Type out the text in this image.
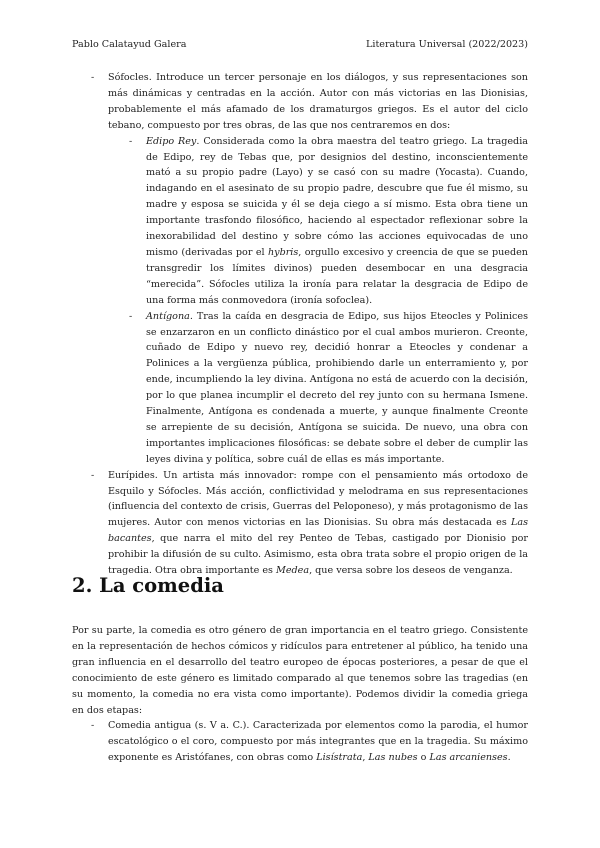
Pablo Calatayud Galera	Literatura Universal (2022/2023)
- Sófocles. Introduce un tercer personaje en los diálogos, y sus representaciones son más dinámicas y centradas en la acción. Autor con más victorias en las Dionisias, probablemente el más afamado de los dramaturgos griegos. Es el autor del ciclo tebano, compuesto por tres obras, de las que nos centraremos en dos:

- Edipo Rey. Considerada como la obra maestra del teatro griego. La tragedia de Edipo, rey de Tebas que, por designios del destino, inconscientemente mató a su propio padre (Layo) y se casó con su madre (Yocasta). Cuando, indagando en el asesinato de su propio padre, descubre que fue él mismo, su madre y esposa se suicida y él se deja ciego a sí mismo. Esta obra tiene un importante trasfondo filosófico, haciendo al espectador reflexionar sobre la inexorabilidad del destino y sobre cómo las acciones equivocadas de uno mismo (derivadas por el hybris, orgullo excesivo y creencia de que se pueden transgredir los límites divinos) pueden desembocar en una desgracia “merecida”. Sófocles utiliza la ironía para relatar la desgracia de Edipo de una forma más conmovedora (ironía sofoclea).

- Antígona. Tras la caída en desgracia de Edipo, sus hijos Eteocles y Polinices se enzarzaron en un conflicto dinástico por el cual ambos murieron. Creonte, cuñado de Edipo y nuevo rey, decidió honrar a Eteocles y condenar a Polinices a la vergüenza pública, prohibiendo darle un enterramiento y, por ende, incumpliendo la ley divina. Antígona no está de acuerdo con la decisión, por lo que planea incumplir el decreto del rey junto con su hermana Ismene. Finalmente, Antígona es condenada a muerte, y aunque finalmente Creonte se arrepiente de su decisión, Antígona se suicida. De nuevo, una obra con importantes implicaciones filosóficas: se debate sobre el deber de cumplir las leyes divina y política, sobre cuál de ellas es más importante.

- Eurípides. Un artista más innovador: rompe con el pensamiento más ortodoxo de Esquilo y Sófocles. Más acción, conflictividad y melodrama en sus representaciones (influencia del contexto de crisis, Guerras del Peloponeso), y más protagonismo de las mujeres. Autor con menos victorias en las Dionisias. Su obra más destacada es Las bacantes, que narra el mito del rey Penteo de Tebas, castigado por Dionisio por prohibir la difusión de su culto. Asimismo, esta obra trata sobre el propio origen de la tragedia. Otra obra importante es Medea, que versa sobre los deseos de venganza.

2. La comedia

Por su parte, la comedia es otro género de gran importancia en el teatro griego. Consistente en la representación de hechos cómicos y ridículos para entretener al público, ha tenido una gran influencia en el desarrollo del teatro europeo de épocas posteriores, a pesar de que el conocimiento de este género es limitado comparado al que tenemos sobre las tragedias (en su momento, la comedia no era vista como importante). Podemos dividir la comedia griega en dos etapas:

- Comedia antigua (s. V a. C.). Caracterizada por elementos como la parodia, el humor escatológico o el coro, compuesto por más integrantes que en la tragedia. Su máximo exponente es Aristófanes, con obras como Lisístrata, Las nubes o Las arcanienses.
